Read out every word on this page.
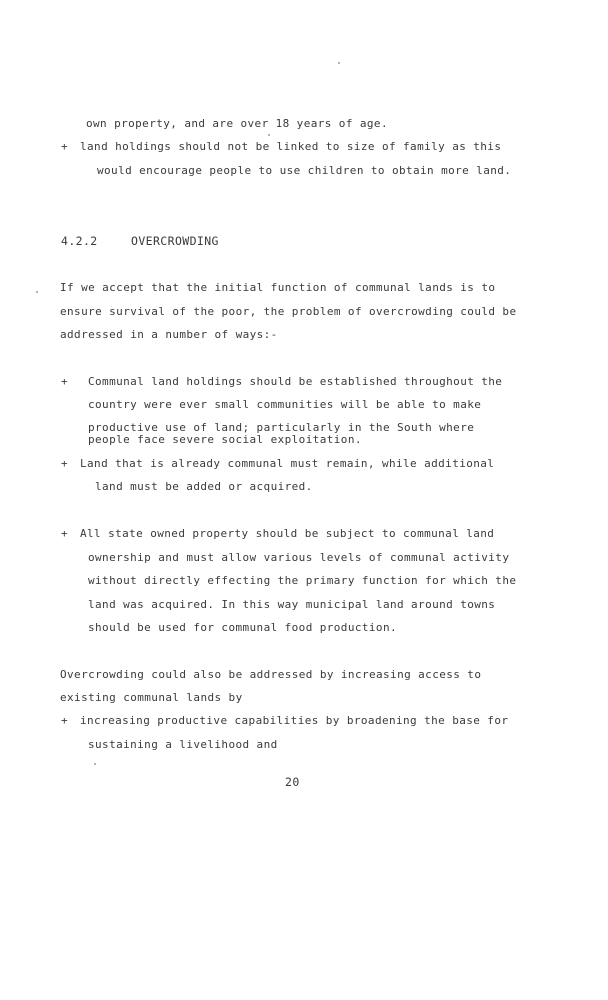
own property, and are over 18 years of age.
+ land holdings should not be linked to size of family as this
would encourage people to use children to obtain more land.
4.2.2	OVERCROWDING
If we accept that the initial function of communal lands is to
ensure survival of the poor, the problem of overcrowding could be
addressed in a number of ways:-
+ Communal land holdings should be established throughout the
country were ever small communities will be able to make
productive use of land; particularly in the South where
people face severe social exploitation.
+ Land that is already communal must remain, while additional
land must be added or acquired.
+ All state owned property should be subject to communal land
ownership and must allow various levels of communal activity
without directly effecting the primary function for which the
land was acquired. In this way municipal land around towns
should be used for communal food production.
Overcrowding could also be addressed by increasing access to
existing communal lands by
+ increasing productive capabilities by broadening the base for
sustaining a livelihood and
20
